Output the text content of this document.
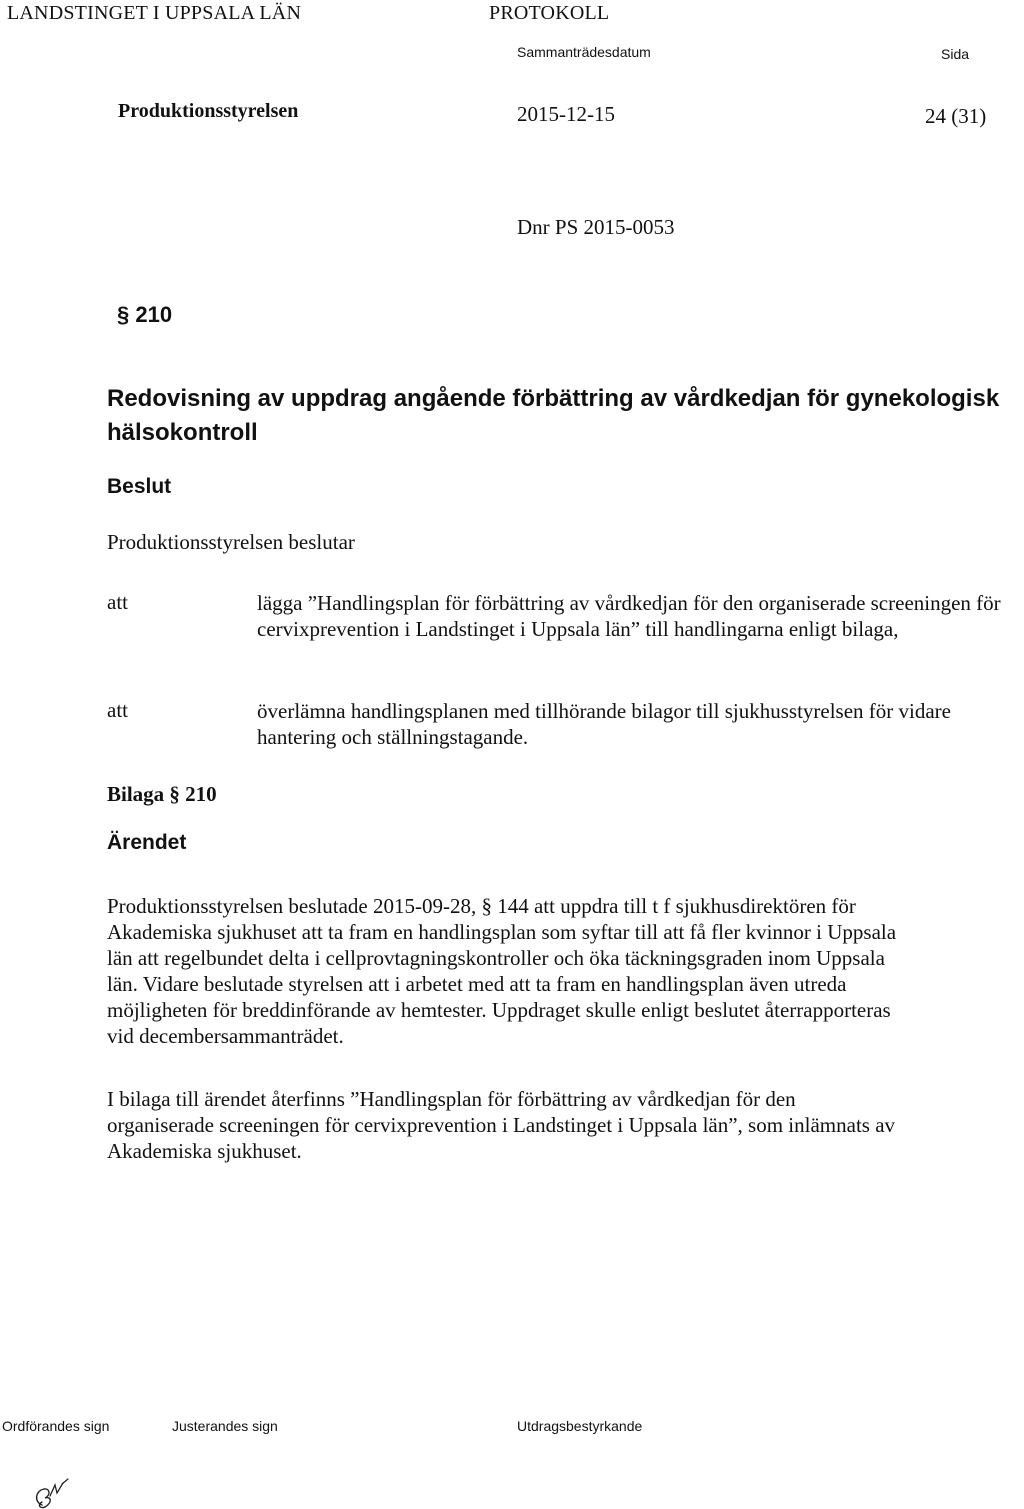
LANDSTINGET I UPPSALA LÄN	PROTOKOLL
Sammanträdesdatum	Sida
Produktionsstyrelsen	2015-12-15	24 (31)
Dnr PS 2015-0053
§ 210
Redovisning av uppdrag angående förbättring av vårdkedjan för gynekologisk hälsokontroll
Beslut
Produktionsstyrelsen beslutar
att	lägga ”Handlingsplan för förbättring av vårdkedjan för den organiserade screeningen för cervixprevention i Landstinget i Uppsala län” till handlingarna enligt bilaga,
att	överlämna handlingsplanen med tillhörande bilagor till sjukhusstyrelsen för vidare hantering och ställningstagande.
Bilaga § 210
Ärendet
Produktionsstyrelsen beslutade 2015-09-28, § 144 att uppdra till t f sjukhusdirektören för
Akademiska sjukhuset att ta fram en handlingsplan som syftar till att få fler kvinnor i Uppsala
län att regelbundet delta i cellprovtagningskontroller och öka täckningsgraden inom Uppsala
län. Vidare beslutade styrelsen att i arbetet med att ta fram en handlingsplan även utreda
möjligheten för breddinförande av hemtester. Uppdraget skulle enligt beslutet återrapporteras
vid decembersammanträdet.
I bilaga till ärendet återfinns ”Handlingsplan för förbättring av vårdkedjan för den
organiserade screeningen för cervixprevention i Landstinget i Uppsala län”, som inlämnats av
Akademiska sjukhuset.
Ordförandes sign	Justerandes sign	Utdragsbestyrkande
